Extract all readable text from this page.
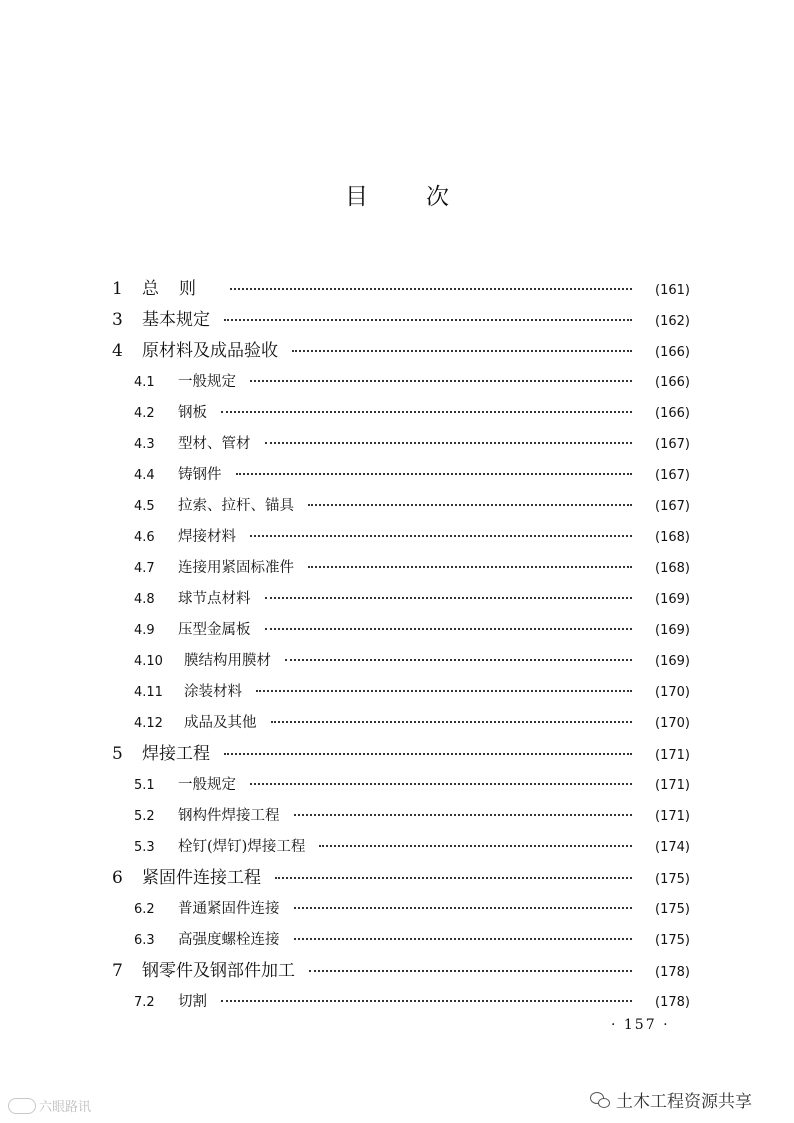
目	次
1	总则	(161)
3	基本规定	(162)
4	原材料及成品验收	(166)
4.1	一般规定	(166)
4.2	钢板	(166)
4.3	型材、管材	(167)
4.4	铸钢件	(167)
4.5	拉索、拉杆、锚具	(167)
4.6	焊接材料	(168)
4.7	连接用紧固标准件	(168)
4.8	球节点材料	(169)
4.9	压型金属板	(169)
4.10	膜结构用膜材	(169)
4.11	涂装材料	(170)
4.12	成品及其他	(170)
5	焊接工程	(171)
5.1	一般规定	(171)
5.2	钢构件焊接工程	(171)
5.3	栓钉(焊钉)焊接工程	(174)
6	紧固件连接工程	(175)
6.2	普通紧固件连接	(175)
6.3	高强度螺栓连接	(175)
7	钢零件及钢部件加工	(178)
7.2	切割	(178)
· 157 ·
土木工程资源共享
六眼路讯
